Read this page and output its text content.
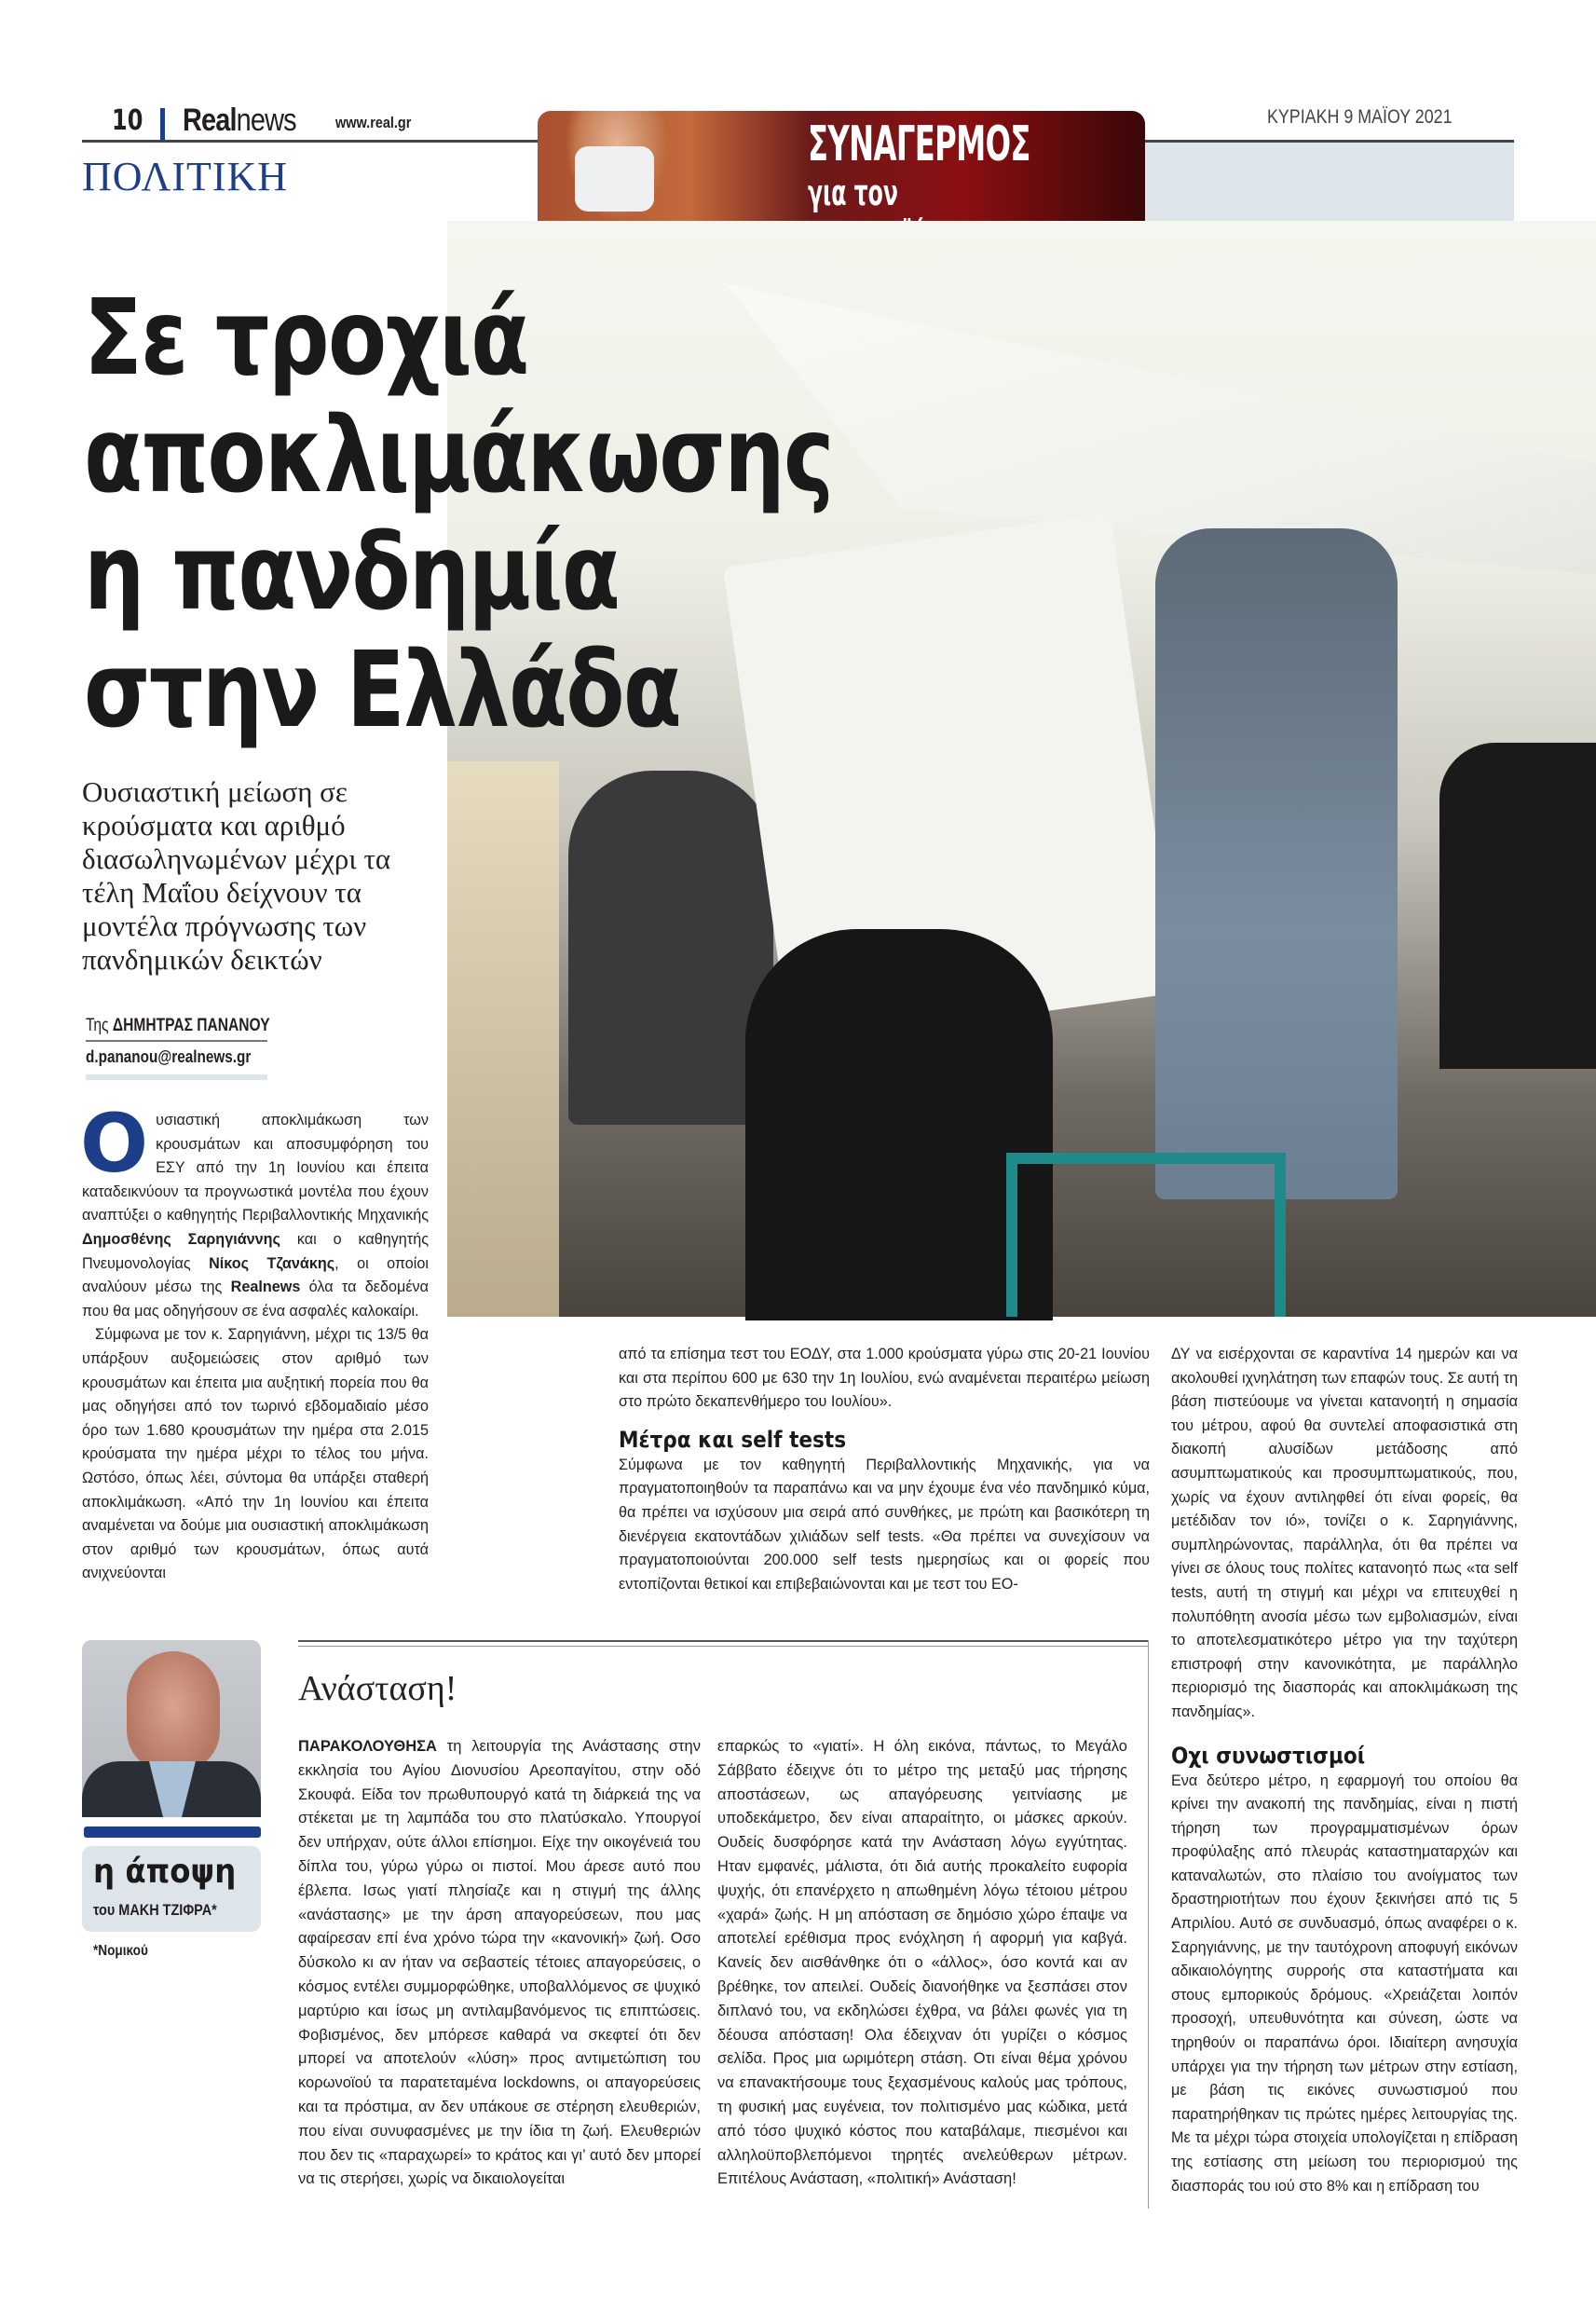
10 Realnews www.real.gr	ΚΥΡΙΑΚΗ 9 ΜΑΪΟΥ 2021
ΠΟΛΙΤΙΚΗ
ΣΥΝΑΓΕΡΜΟΣ
για τον
Σε τροχιά
αποκλιμάκωσης
η πανδημία
στην Ελλάδα
Ουσιαστική μείωση σε κρούσματα και αριθμό διασωληνωμένων μέχρι τα τέλη Μαΐου δείχνουν τα μοντέλα πρόγνωσης των πανδημικών δεικτών
Της ΔΗΜΗΤΡΑΣ ΠΑΝΑΝΟΥ
d.pananou@realnews.gr

Ουσιαστική αποκλιμάκωση των κρουσμάτων και αποσυμφόρηση του ΕΣΥ από την 1η Ιουνίου και έπειτα καταδεικνύουν τα προγνωστικά μοντέλα που έχουν αναπτύξει ο καθηγητής Περιβαλλοντικής Μηχανικής Δημοσθένης Σαρηγιάννης και ο καθηγητής Πνευμονολογίας Νίκος Τζανάκης, οι οποίοι αναλύουν μέσω της Realnews όλα τα δεδομένα που θα μας οδηγήσουν σε ένα ασφαλές καλοκαίρι.

Σύμφωνα με τον κ. Σαρηγιάννη, μέχρι τις 13/5 θα υπάρξουν αυξομειώσεις στον αριθμό των κρουσμάτων και έπειτα μια αυξητική πορεία που θα μας οδηγήσει από τον τωρινό εβδομαδιαίο μέσο όρο των 1.680 κρουσμάτων την ημέρα στα 2.015 κρούσματα την ημέρα μέχρι το τέλος του μήνα. Ωστόσο, όπως λέει, σύντομα θα υπάρξει σταθερή αποκλιμάκωση. «Από την 1η Ιουνίου και έπειτα αναμένεται να δούμε μια ουσιαστική αποκλιμάκωση στον αριθμό των κρουσμάτων, όπως αυτά ανιχνεύονται

από τα επίσημα τεστ του ΕΟΔΥ, στα 1.000 κρούσματα γύρω στις 20-21 Ιουνίου και στα περίπου 600 με 630 την 1η Ιουλίου, ενώ αναμένεται περαιτέρω μείωση στο πρώτο δεκαπενθήμερο του Ιουλίου».

Μέτρα και self tests

Σύμφωνα με τον καθηγητή Περιβαλλοντικής Μηχανικής, για να πραγματοποιηθούν τα παραπάνω και να μην έχουμε ένα νέο πανδημικό κύμα, θα πρέπει να ισχύσουν μια σειρά από συνθήκες, με πρώτη και βασικότερη τη διενέργεια εκατοντάδων χιλιάδων self tests. «Θα πρέπει να συνεχίσουν να πραγματοποιούνται 200.000 self tests ημερησίως και οι φορείς που εντοπίζονται θετικοί και επιβεβαιώνονται και με τεστ του ΕΟ-

ΔΥ να εισέρχονται σε καραντίνα 14 ημερών και να ακολουθεί ιχνηλάτηση των επαφών τους. Σε αυτή τη βάση πιστεύουμε να γίνεται κατανοητή η σημασία του μέτρου, αφού θα συντελεί αποφασιστικά στη διακοπή αλυσίδων μετάδοσης από ασυμπτωματικούς και προσυμπτωματικούς, που, χωρίς να έχουν αντιληφθεί ότι είναι φορείς, θα μετέδιδαν τον ιό», τονίζει ο κ. Σαρηγιάννης, συμπληρώνοντας, παράλληλα, ότι θα πρέπει να γίνει σε όλους τους πολίτες κατανοητό πως «τα self tests, αυτή τη στιγμή και μέχρι να επιτευχθεί η πολυπόθητη ανοσία μέσω των εμβολιασμών, είναι το αποτελεσματικότερο μέτρο για την ταχύτερη επιστροφή στην κανονικότητα, με παράλληλο περιορισμό της διασποράς και αποκλιμάκωση της πανδημίας».

Οχι συνωστισμοί

Ενα δεύτερο μέτρο, η εφαρμογή του οποίου θα κρίνει την ανακοπή της πανδημίας, είναι η πιστή τήρηση των προγραμματισμένων όρων προφύλαξης από πλευράς καταστηματαρχών και καταναλωτών, στο πλαίσιο του ανοίγματος των δραστηριοτήτων που έχουν ξεκινήσει από τις 5 Απριλίου. Αυτό σε συνδυασμό, όπως αναφέρει ο κ. Σαρηγιάννης, με την ταυτόχρονη αποφυγή εικόνων αδικαιολόγητης συρροής στα καταστήματα και στους εμπορικούς δρόμους. «Χρειάζεται λοιπόν προσοχή, υπευθυνότητα και σύνεση, ώστε να τηρηθούν οι παραπάνω όροι. Ιδιαίτερη ανησυχία υπάρχει για την τήρηση των μέτρων στην εστίαση, με βάση τις εικόνες συνωστισμού που παρατηρήθηκαν τις πρώτες ημέρες λειτουργίας της. Με τα μέχρι τώρα στοιχεία υπολογίζεται η επίδραση της εστίασης στη μείωση του περιορισμού της διασποράς του ιού στο 8% και η επίδραση του

η άποψη
του ΜΑΚΗ ΤΖΙΦΡΑ*
*Νομικού
Ανάσταση!
ΠΑΡΑΚΟΛΟΥΘΗΣΑ τη λειτουργία της Ανάστασης στην εκκλησία του Αγίου Διονυσίου Αρεοπαγίτου, στην οδό Σκουφά. Είδα τον πρωθυπουργό κατά τη διάρκειά της να στέκεται με τη λαμπάδα του στο πλατύσκαλο. Υπουργοί δεν υπήρχαν, ούτε άλλοι επίσημοι. Είχε την οικογένειά του δίπλα του, γύρω γύρω οι πιστοί. Μου άρεσε αυτό που έβλεπα. Ισως γιατί πλησίαζε και η στιγμή της άλλης «ανάστασης» με την άρση απαγορεύσεων, που μας αφαίρεσαν επί ένα χρόνο τώρα την «κανονική» ζωή. Οσο δύσκολο κι αν ήταν να σεβαστείς τέτοιες απαγορεύσεις, ο κόσμος εντέλει συμμορφώθηκε, υποβαλλόμενος σε ψυχικό μαρτύριο και ίσως μη αντιλαμβανόμενος τις επιπτώσεις. Φοβισμένος, δεν μπόρεσε καθαρά να σκεφτεί ότι δεν μπορεί να αποτελούν «λύση» προς αντιμετώπιση του κορωνοϊού τα παρατεταμένα lockdowns, οι απαγορεύσεις και τα πρόστιμα, αν δεν υπάκουε σε στέρηση ελευθεριών, που είναι συνυφασμένες με την ίδια τη ζωή. Ελευθεριών που δεν τις «παραχωρεί» το κράτος και γι’ αυτό δεν μπορεί να τις στερήσει, χωρίς να δικαιολογείται
επαρκώς το «γιατί». Η όλη εικόνα, πάντως, το Μεγάλο Σάββατο έδειχνε ότι το μέτρο της μεταξύ μας τήρησης αποστάσεων, ως απαγόρευσης γειτνίασης με υποδεκάμετρο, δεν είναι απαραίτητο, οι μάσκες αρκούν. Ουδείς δυσφόρησε κατά την Ανάσταση λόγω εγγύτητας. Ηταν εμφανές, μάλιστα, ότι διά αυτής προκαλείτο ευφορία ψυχής, ότι επανέρχετο η απωθημένη λόγω τέτοιου μέτρου «χαρά» ζωής. Η μη απόσταση σε δημόσιο χώρο έπαψε να αποτελεί ερέθισμα προς ενόχληση ή αφορμή για καβγά. Κανείς δεν αισθάνθηκε ότι ο «άλλος», όσο κοντά και αν βρέθηκε, τον απειλεί. Ουδείς διανοήθηκε να ξεσπάσει στον διπλανό του, να εκδηλώσει έχθρα, να βάλει φωνές για τη δέουσα απόσταση! Ολα έδειχναν ότι γυρίζει ο κόσμος σελίδα. Προς μια ωριμότερη στάση. Οτι είναι θέμα χρόνου να επανακτήσουμε τους ξεχασμένους καλούς μας τρόπους, τη φυσική μας ευγένεια, τον πολιτισμένο μας κώδικα, μετά από τόσο ψυχικό κόστος που καταβάλαμε, πιεσμένοι και αλληλοϋποβλεπόμενοι τηρητές ανελεύθερων μέτρων. Επιτέλους Ανάσταση, «πολιτική» Ανάσταση!
